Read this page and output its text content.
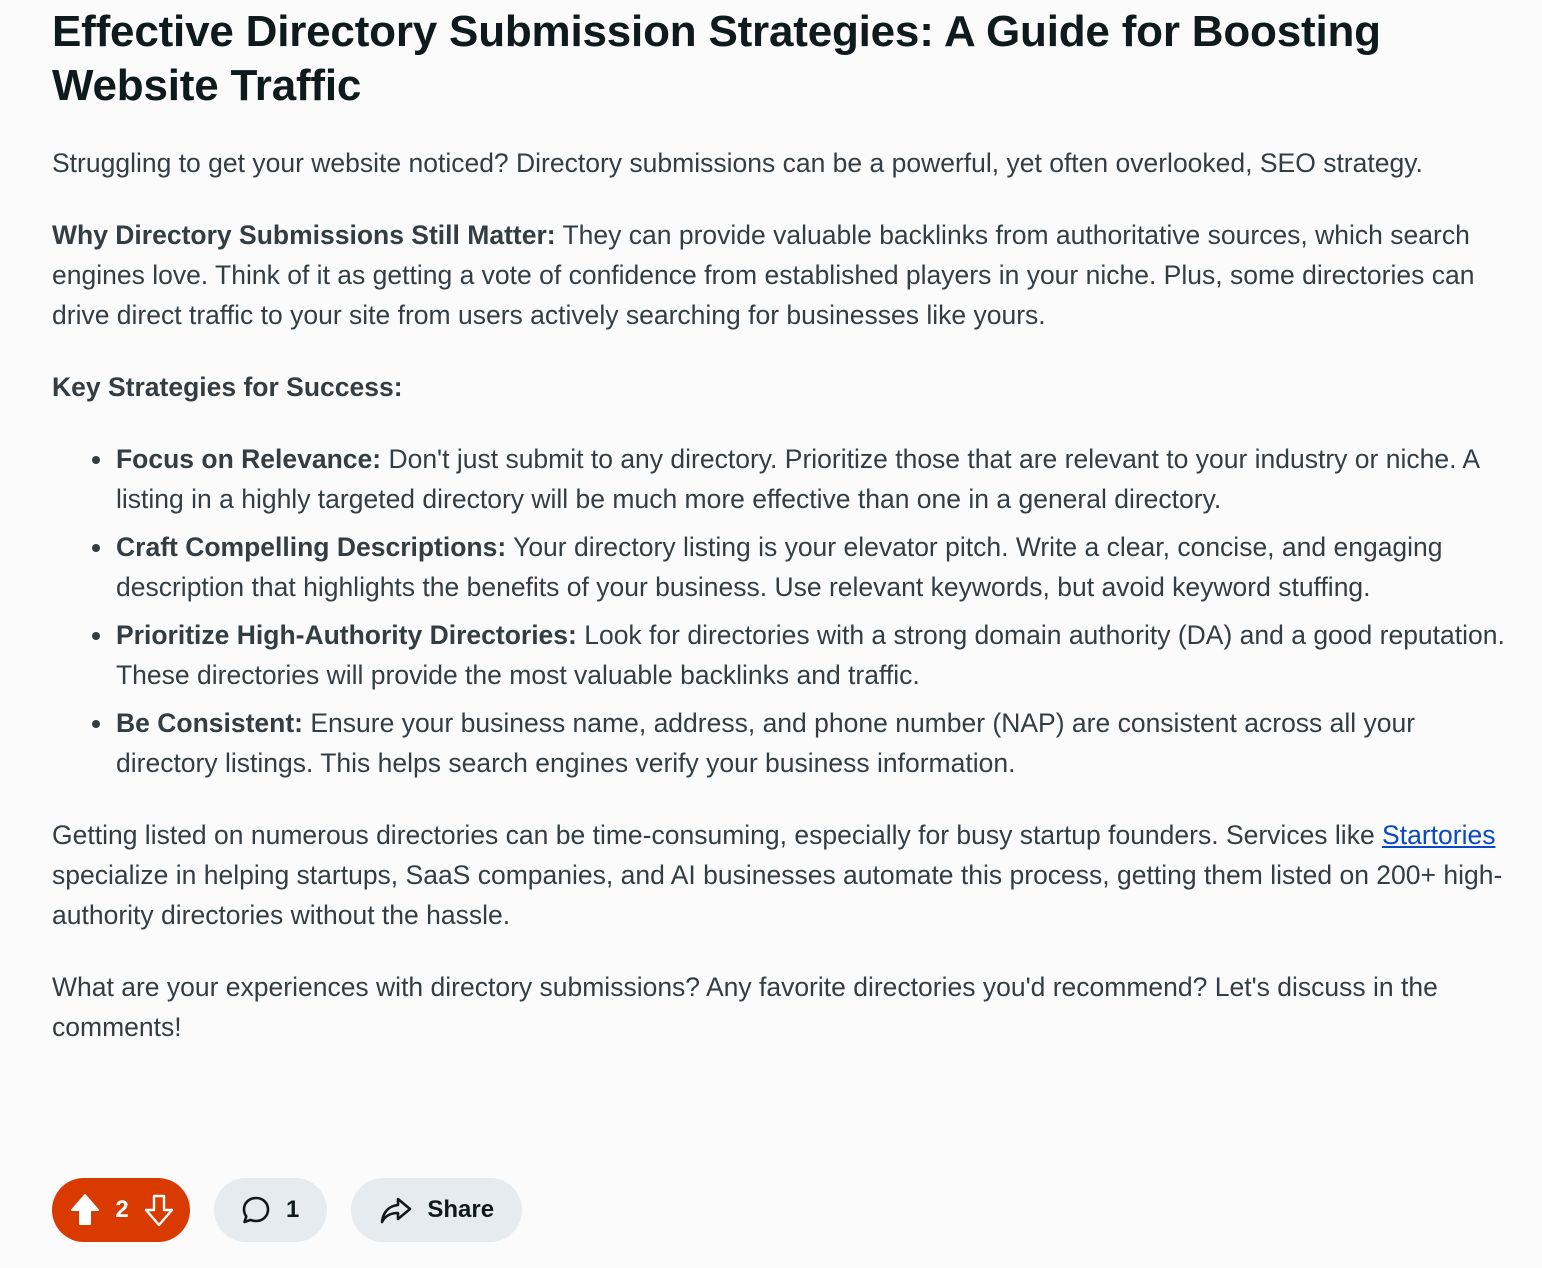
Effective Directory Submission Strategies: A Guide for Boosting Website Traffic

Struggling to get your website noticed? Directory submissions can be a powerful, yet often overlooked, SEO strategy.

Why Directory Submissions Still Matter: They can provide valuable backlinks from authoritative sources, which search engines love. Think of it as getting a vote of confidence from established players in your niche. Plus, some directories can drive direct traffic to your site from users actively searching for businesses like yours.

Key Strategies for Success:

Focus on Relevance: Don't just submit to any directory. Prioritize those that are relevant to your industry or niche. A listing in a highly targeted directory will be much more effective than one in a general directory.
Craft Compelling Descriptions: Your directory listing is your elevator pitch. Write a clear, concise, and engaging description that highlights the benefits of your business. Use relevant keywords, but avoid keyword stuffing.
Prioritize High-Authority Directories: Look for directories with a strong domain authority (DA) and a good reputation. These directories will provide the most valuable backlinks and traffic.
Be Consistent: Ensure your business name, address, and phone number (NAP) are consistent across all your directory listings. This helps search engines verify your business information.

Getting listed on numerous directories can be time-consuming, especially for busy startup founders. Services like Startories specialize in helping startups, SaaS companies, and AI businesses automate this process, getting them listed on 200+ high-authority directories without the hassle.

What are your experiences with directory submissions? Any favorite directories you'd recommend? Let's discuss in the comments!

2	1	Share
